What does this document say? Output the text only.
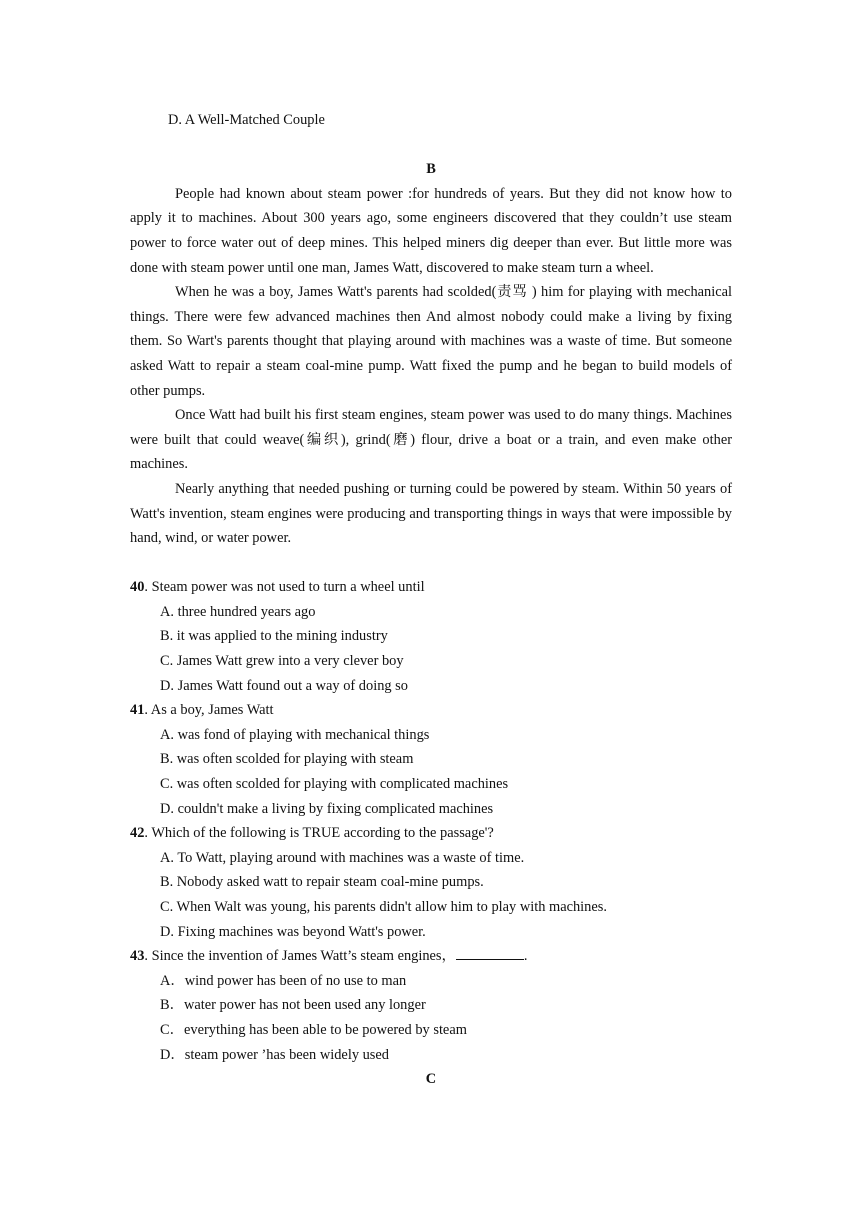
D. A Well-Matched Couple
B

People had known about steam power :for hundreds of years. But they did not know how to apply it to machines. About 300 years ago, some engineers discovered that they couldn’t use steam power to force water out of deep mines. This helped miners dig deeper than ever. But little more was done with steam power until one man, James Watt, discovered to make steam turn a wheel.

When he was a boy, James Watt's parents had scolded(责骂 ) him for playing with mechanical things. There were few advanced machines then And almost nobody could make a living by fixing them. So Wart's parents thought that playing around with machines was a waste of time. But someone asked Watt to repair a steam coal-mine pump. Watt fixed the pump and he began to build models of other pumps.

Once Watt had built his first steam engines, steam power was used to do many things. Machines were built that could weave(编织), grind(磨) flour, drive a boat or a train, and even make other machines.

Nearly anything that needed pushing or turning could be powered by steam. Within 50 years of Watt's invention, steam engines were producing and transporting things in ways that were impossible by hand, wind, or water power.

40. Steam power was not used to turn a wheel until
A. three hundred years ago
B. it was applied to the mining industry
C. James Watt grew into a very clever boy
D. James Watt found out a way of doing so
41. As a boy, James Watt
A. was fond of playing with mechanical things
B. was often scolded for playing with steam
C. was often scolded for playing with complicated machines
D. couldn't make a living by fixing complicated machines
42. Which of the following is TRUE according to the passage'?
A. To Watt, playing around with machines was a waste of time.
B. Nobody asked watt to repair steam coal-mine pumps.
C. When Walt was young, his parents didn't allow him to play with machines.
D. Fixing machines was beyond Watt's power.
43. Since the invention of James Watt’s steam engines，	.
A．wind power has been of no use to man
B．water power has not been used any longer
C．everything has been able to be powered by steam
D．steam power ’has been widely used
C
